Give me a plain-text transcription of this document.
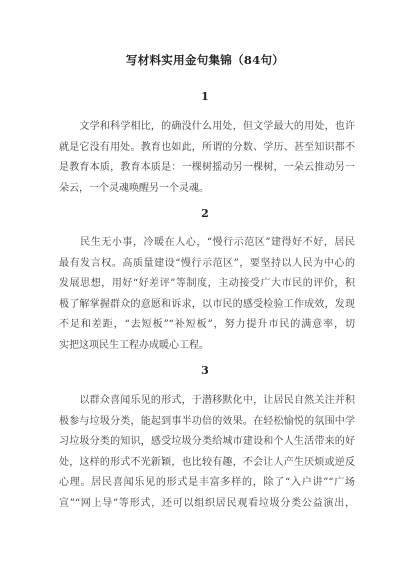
写材料实用金句集锦（84句）
1
　　文学和科学相比，的确没什么用处，但文学最大的用处，也许
就是它没有用处。教育也如此，所谓的分数、学历、甚至知识都不
是教育本质，教育本质是：一棵树摇动另一棵树，一朵云推动另一
朵云，一个灵魂唤醒另一个灵魂。
2
　　民生无小事，冷暖在人心，“慢行示范区”建得好不好，居民
最有发言权。高质量建设“慢行示范区”，要坚持以人民为中心的
发展思想，用好“好差评”等制度，主动接受广大市民的评价，积
极了解掌握群众的意愿和诉求，以市民的感受检验工作成效，发现
不足和差距，“去短板”“补短板”，努力提升市民的满意率，切
实把这项民生工程办成暖心工程。
3
　　以群众喜闻乐见的形式，于潜移默化中，让居民自然关注并积
极参与垃圾分类，能起到事半功倍的效果。在轻松愉悦的氛围中学
习垃圾分类的知识，感受垃圾分类给城市建设和个人生活带来的好
处，这样的形式不光新颖，也比较有趣，不会让人产生厌烦或逆反
心理。居民喜闻乐见的形式是丰富多样的，除了“入户讲”“广场
宣”“网上导”等形式，还可以组织居民观看垃圾分类公益演出，
